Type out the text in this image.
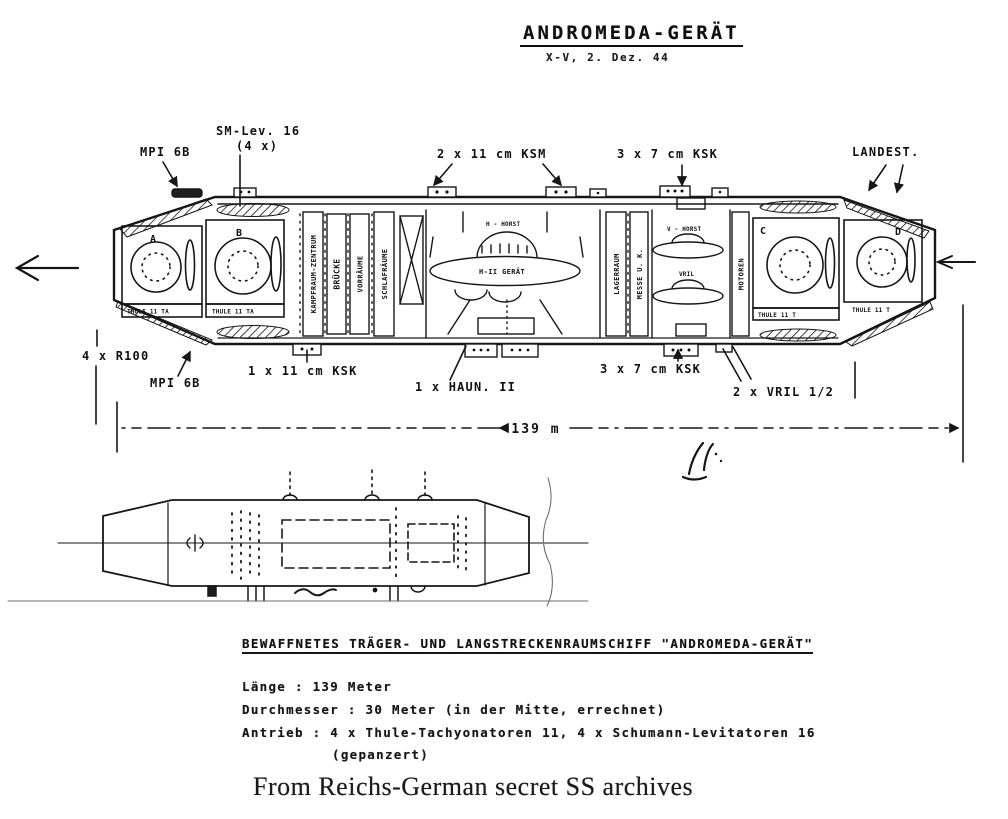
ANDROMEDA-GERÄT
X-V, 2. Dez. 44
A
THULE 11 TA
B
THULE 11 TA
C
THULE 11 T
D
THULE 11 T
KAMPFRAUM-ZENTRUM BRÜCKE VORRÄUME SCHLAFRÄUME
H - HORST
H-II GERÄT	LAGERRAUM MESSE U. K.
V - HORST
VRIL	MOTOREN
MPI 6B
SM-Lev. 16
(4 x)
2 x 11 cm KSM	3 x 7 cm KSK	LANDEST.
4 x R100
MPI 6B
1 x 11 cm KSK
1 x HAUN. II
3 x 7 cm KSK
2 x VRIL 1/2
139 m
BEWAFFNETES TRÄGER- UND LANGSTRECKENRAUMSCHIFF "ANDROMEDA-GERÄT"
Länge : 139 Meter
Durchmesser : 30 Meter (in der Mitte, errechnet)
Antrieb : 4 x Thule-Tachyonatoren 11, 4 x Schumann-Levitatoren 16
(gepanzert)
From Reichs-German secret SS archives
